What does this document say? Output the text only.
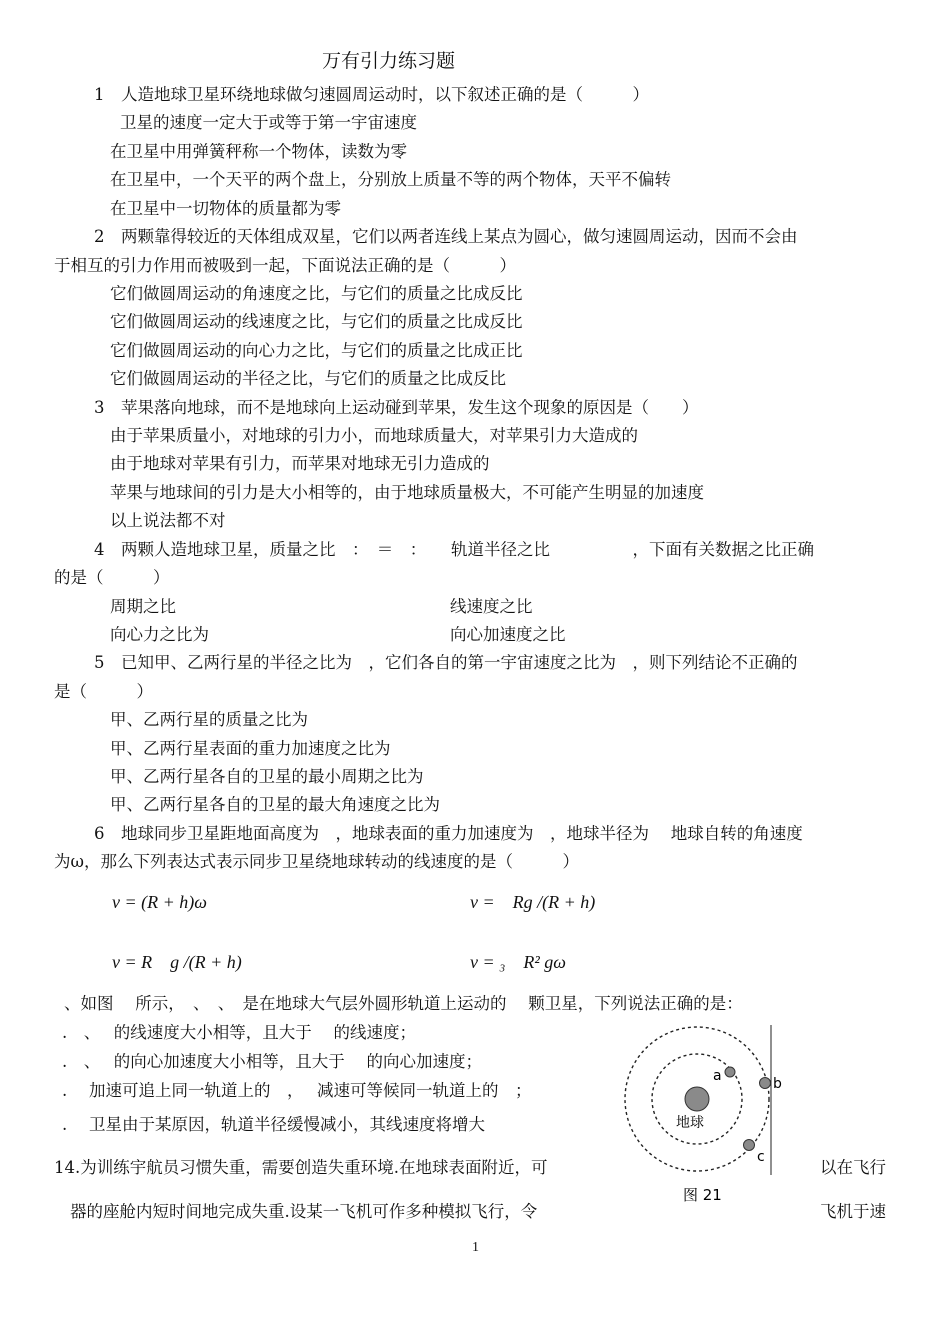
万有引力练习题
1　人造地球卫星环绕地球做匀速圆周运动时，以下叙述正确的是（　　　）
卫星的速度一定大于或等于第一宇宙速度
在卫星中用弹簧秤称一个物体，读数为零
在卫星中，一个天平的两个盘上，分别放上质量不等的两个物体，天平不偏转
在卫星中一切物体的质量都为零
2　两颗靠得较近的天体组成双星，它们以两者连线上某点为圆心，做匀速圆周运动，因而不会由
于相互的引力作用而被吸到一起，下面说法正确的是（　　　）
它们做圆周运动的角速度之比，与它们的质量之比成反比
它们做圆周运动的线速度之比，与它们的质量之比成反比
它们做圆周运动的向心力之比，与它们的质量之比成正比
它们做圆周运动的半径之比，与它们的质量之比成反比
3　苹果落向地球，而不是地球向上运动碰到苹果，发生这个现象的原因是（　　）
由于苹果质量小，对地球的引力小，而地球质量大，对苹果引力大造成的
由于地球对苹果有引力，而苹果对地球无引力造成的
苹果与地球间的引力是大小相等的，由于地球质量极大，不可能产生明显的加速度
以上说法都不对
4　两颗人造地球卫星，质量之比　：　＝　：　　轨道半径之比　　　　　，下面有关数据之比正确
的是（　　　）
周期之比	线速度之比
向心力之比为	向心加速度之比
5　已知甲、乙两行星的半径之比为　，它们各自的第一宇宙速度之比为　，则下列结论不正确的
是（　　　）
甲、乙两行星的质量之比为
甲、乙两行星表面的重力加速度之比为
甲、乙两行星各自的卫星的最小周期之比为
甲、乙两行星各自的卫星的最大角速度之比为
6　地球同步卫星距地面高度为　，地球表面的重力加速度为　，地球半径为　 地球自转的角速度
为ω，那么下列表达式表示同步卫星绕地球转动的线速度的是（　　　）
v = (R + h)ω	v =　Rg /(R + h)
v = R　g /(R + h)	v = ₃　R² gω
、如图　 所示，　、　、　是在地球大气层外圆形轨道上运动的　 颗卫星，下列说法正确的是：
.　、　 的线速度大小相等，且大于　 的线速度；
.　、　 的向心加速度大小相等，且大于　 的向心加速度；
.　 加速可追上同一轨道上的　，　 减速可等候同一轨道上的　；
.　 卫星由于某原因，轨道半径缓慢减小，其线速度将增大
a	b
c
地球
图 21
14.为训练宇航员习惯失重，需要创造失重环境.在地球表面附近，可	以在飞行
器的座舱内短时间地完成失重.设某一飞机可作多种模拟飞行，令	飞机于速
1
